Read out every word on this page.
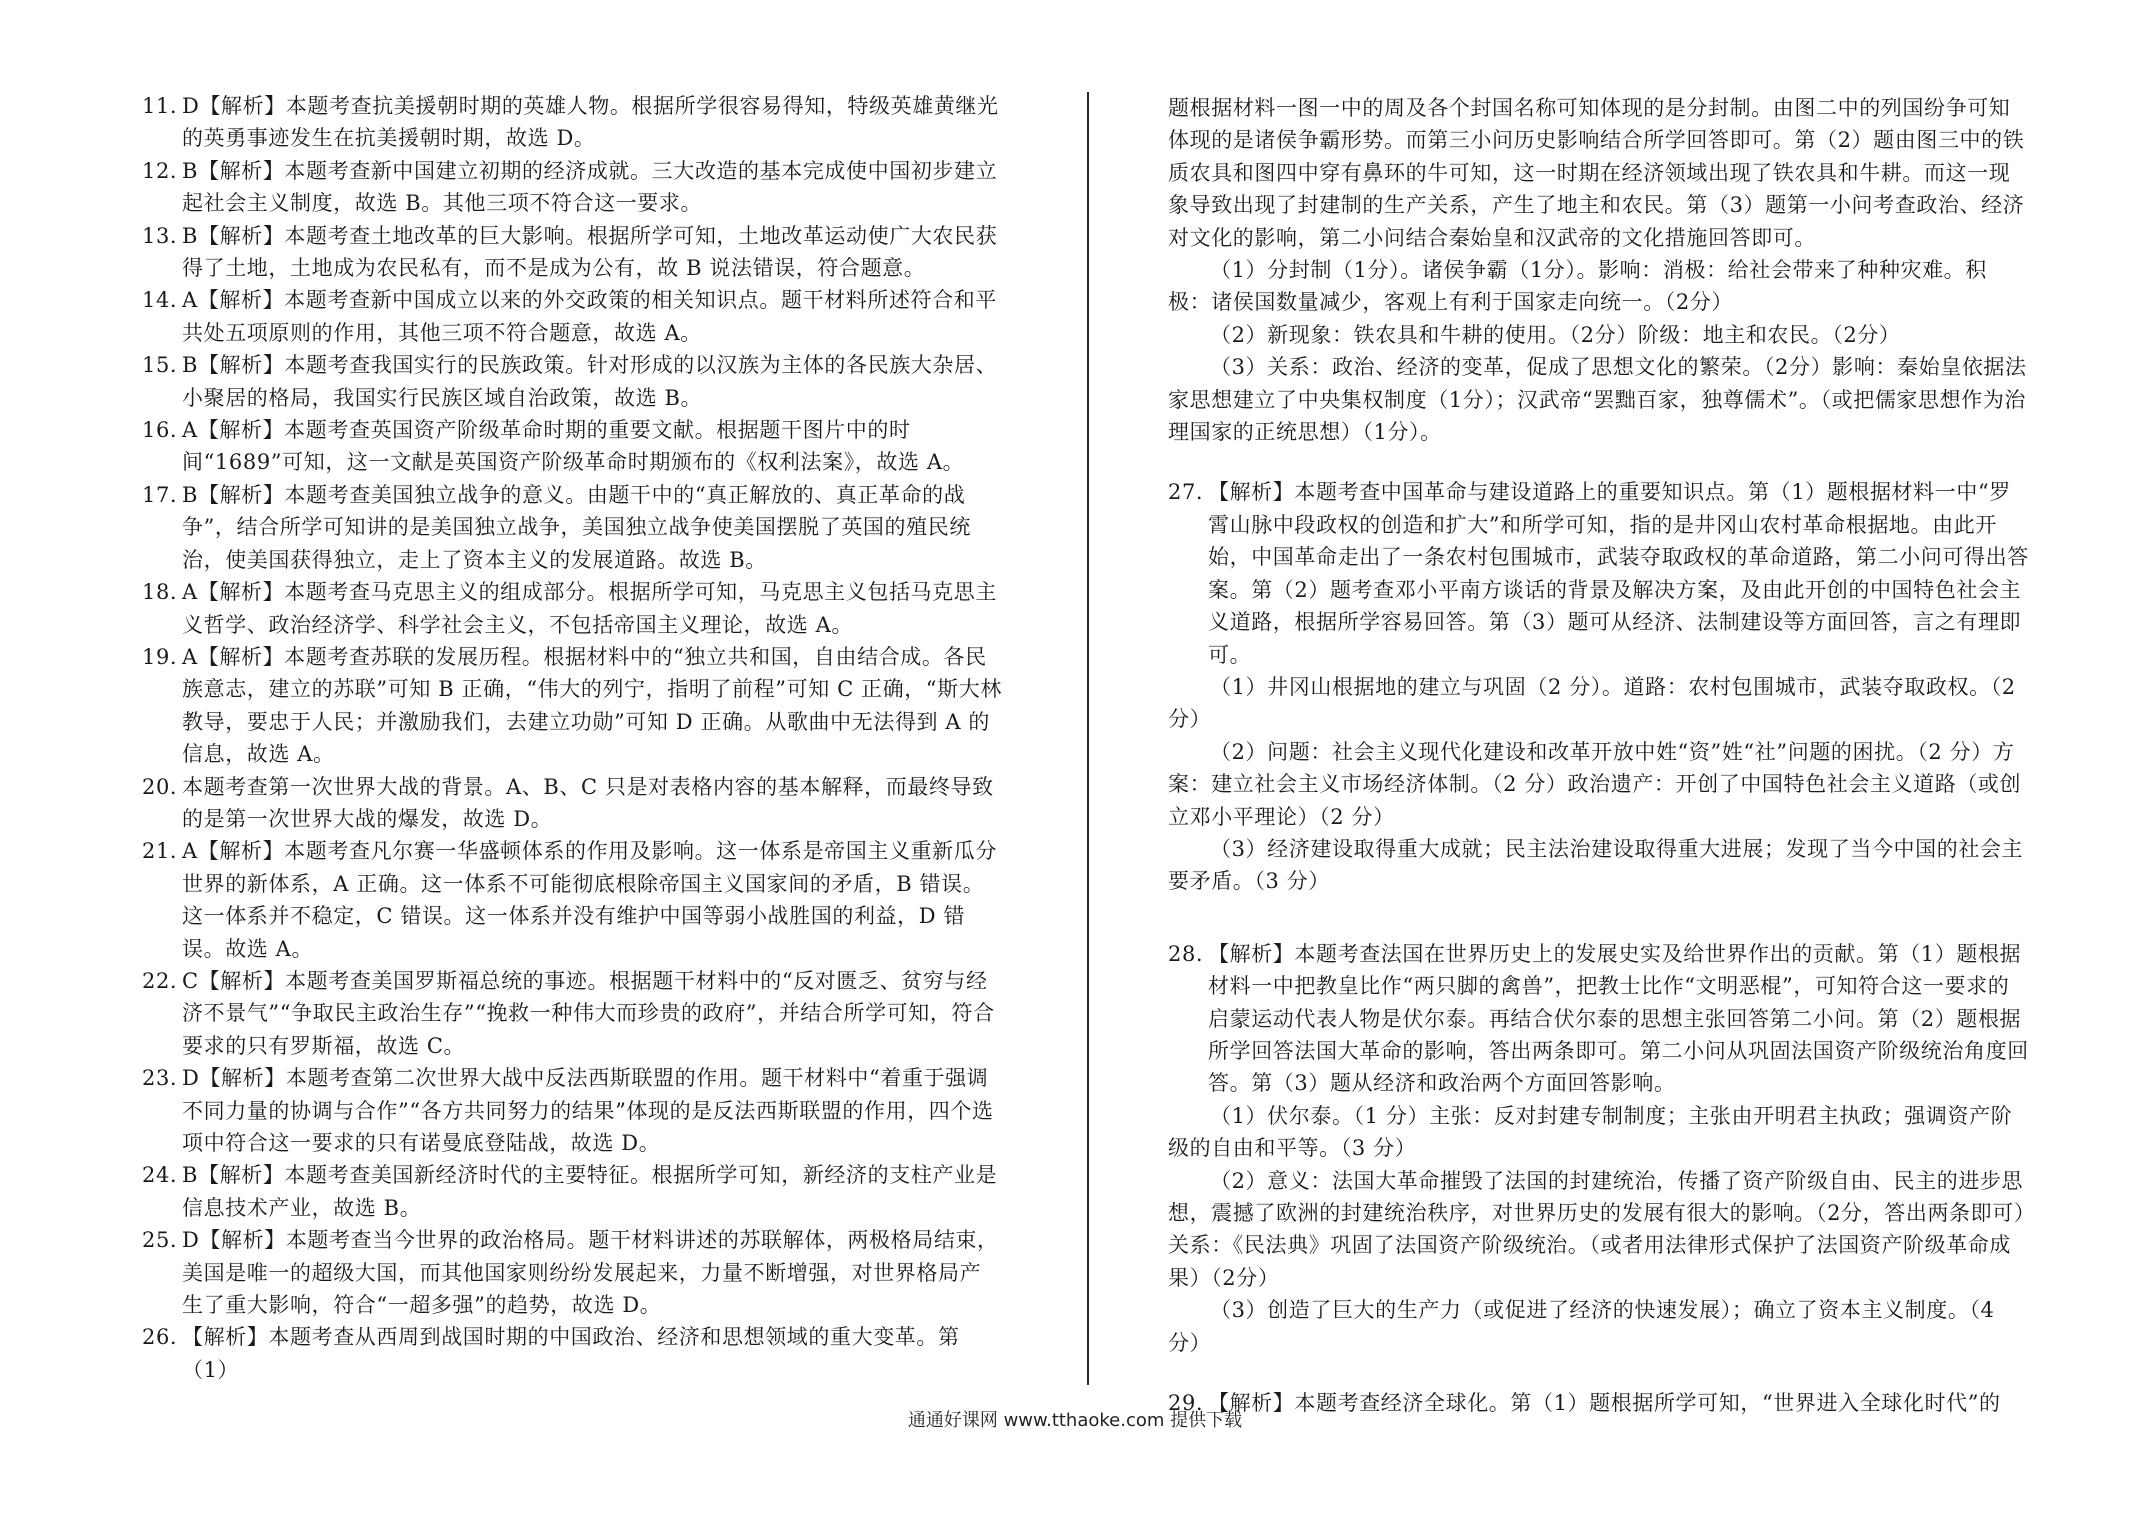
11. D【解析】本题考查抗美援朝时期的英雄人物。根据所学很容易得知，特级英雄黄继光的英勇事迹发生在抗美援朝时期，故选 D。
12. B【解析】本题考查新中国建立初期的经济成就。三大改造的基本完成使中国初步建立起社会主义制度，故选 B。其他三项不符合这一要求。
13. B【解析】本题考查土地改革的巨大影响。根据所学可知，土地改革运动使广大农民获得了土地，土地成为农民私有，而不是成为公有，故 B 说法错误，符合题意。
14. A【解析】本题考查新中国成立以来的外交政策的相关知识点。题干材料所述符合和平共处五项原则的作用，其他三项不符合题意，故选 A。
15. B【解析】本题考查我国实行的民族政策。针对形成的以汉族为主体的各民族大杂居、小聚居的格局，我国实行民族区域自治政策，故选 B。
16. A【解析】本题考查英国资产阶级革命时期的重要文献。根据题干图片中的时间“1689”可知，这一文献是英国资产阶级革命时期颁布的《权利法案》，故选 A。
17. B【解析】本题考查美国独立战争的意义。由题干中的“真正解放的、真正革命的战争”，结合所学可知讲的是美国独立战争，美国独立战争使美国摆脱了英国的殖民统治，使美国获得独立，走上了资本主义的发展道路。故选 B。
18. A【解析】本题考查马克思主义的组成部分。根据所学可知，马克思主义包括马克思主义哲学、政治经济学、科学社会主义，不包括帝国主义理论，故选 A。
19. A【解析】本题考查苏联的发展历程。根据材料中的“独立共和国，自由结合成。各民族意志，建立的苏联”可知 B 正确，“伟大的列宁，指明了前程”可知 C 正确，“斯大林教导，要忠于人民；并激励我们，去建立功勋”可知 D 正确。从歌曲中无法得到 A 的信息，故选 A。
20. 本题考查第一次世界大战的背景。A、B、C 只是对表格内容的基本解释，而最终导致的是第一次世界大战的爆发，故选 D。
21. A【解析】本题考查凡尔赛一华盛顿体系的作用及影响。这一体系是帝国主义重新瓜分世界的新体系，A 正确。这一体系不可能彻底根除帝国主义国家间的矛盾，B 错误。这一体系并不稳定，C 错误。这一体系并没有维护中国等弱小战胜国的利益，D 错误。故选 A。
22. C【解析】本题考查美国罗斯福总统的事迹。根据题干材料中的“反对匮乏、贫穷与经济不景气”“争取民主政治生存”“挽救一种伟大而珍贵的政府”，并结合所学可知，符合要求的只有罗斯福，故选 C。
23. D【解析】本题考查第二次世界大战中反法西斯联盟的作用。题干材料中“着重于强调不同力量的协调与合作”“各方共同努力的结果”体现的是反法西斯联盟的作用，四个选项中符合这一要求的只有诺曼底登陆战，故选 D。
24. B【解析】本题考查美国新经济时代的主要特征。根据所学可知，新经济的支柱产业是信息技术产业，故选 B。
25. D【解析】本题考查当今世界的政治格局。题干材料讲述的苏联解体，两极格局结束，美国是唯一的超级大国，而其他国家则纷纷发展起来，力量不断增强，对世界格局产生了重大影响，符合“一超多强”的趋势，故选 D。
26. 【解析】本题考查从西周到战国时期的中国政治、经济和思想领域的重大变革。第（1）
题根据材料一图一中的周及各个封国名称可知体现的是分封制。由图二中的列国纷争可知体现的是诸侯争霸形势。而第三小问历史影响结合所学回答即可。第（2）题由图三中的铁质农具和图四中穿有鼻环的牛可知，这一时期在经济领域出现了铁农具和牛耕。而这一现象导致出现了封建制的生产关系，产生了地主和农民。第（3）题第一小问考查政治、经济对文化的影响，第二小问结合秦始皇和汉武帝的文化措施回答即可。
（1）分封制（1分）。诸侯争霸（1分）。影响：消极：给社会带来了种种灾难。积极：诸侯国数量减少，客观上有利于国家走向统一。（2分）
（2）新现象：铁农具和牛耕的使用。（2分）阶级：地主和农民。（2分）
（3）关系：政治、经济的变革，促成了思想文化的繁荣。（2分）影响：秦始皇依据法家思想建立了中央集权制度（1分）；汉武帝“罢黜百家，独尊儒术”。（或把儒家思想作为治理国家的正统思想）（1分）。
27. 【解析】本题考查中国革命与建设道路上的重要知识点。第（1）题根据材料一中“罗霄山脉中段政权的创造和扩大”和所学可知，指的是井冈山农村革命根据地。由此开始，中国革命走出了一条农村包围城市，武装夺取政权的革命道路，第二小问可得出答案。第（2）题考查邓小平南方谈话的背景及解决方案，及由此开创的中国特色社会主义道路，根据所学容易回答。第（3）题可从经济、法制建设等方面回答，言之有理即可。
（1）井冈山根据地的建立与巩固（2 分）。道路：农村包围城市，武装夺取政权。（2 分）
（2）问题：社会主义现代化建设和改革开放中姓“资”姓“社”问题的困扰。（2 分）方案：建立社会主义市场经济体制。（2 分）政治遗产：开创了中国特色社会主义道路（或创立邓小平理论）（2 分）
（3）经济建设取得重大成就；民主法治建设取得重大进展；发现了当今中国的社会主要矛盾。（3 分）
28. 【解析】本题考查法国在世界历史上的发展史实及给世界作出的贡献。第（1）题根据材料一中把教皇比作“两只脚的禽兽”，把教士比作“文明恶棍”，可知符合这一要求的启蒙运动代表人物是伏尔泰。再结合伏尔泰的思想主张回答第二小问。第（2）题根据所学回答法国大革命的影响，答出两条即可。第二小问从巩固法国资产阶级统治角度回答。第（3）题从经济和政治两个方面回答影响。
（1）伏尔泰。（1 分）主张：反对封建专制制度；主张由开明君主执政；强调资产阶级的自由和平等。（3 分）
（2）意义：法国大革命摧毁了法国的封建统治，传播了资产阶级自由、民主的进步思想，震撼了欧洲的封建统治秩序，对世界历史的发展有很大的影响。（2分，答出两条即可）关系：《民法典》巩固了法国资产阶级统治。（或者用法律形式保护了法国资产阶级革命成果）（2分）
（3）创造了巨大的生产力（或促进了经济的快速发展）；确立了资本主义制度。（4 分）
29. 【解析】本题考查经济全球化。第（1）题根据所学可知，“世界进入全球化时代”的
通通好课网 www.tthaoke.com 提供下载
